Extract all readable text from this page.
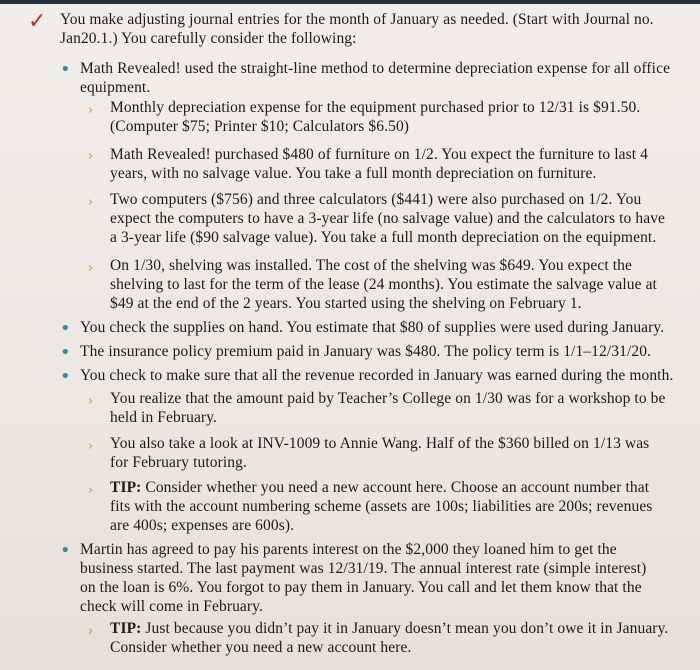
✓ You make adjusting journal entries for the month of January as needed. (Start with Journal no. Jan20.1.) You carefully consider the following:
• Math Revealed! used the straight-line method to determine depreciation expense for all office equipment.
› Monthly depreciation expense for the equipment purchased prior to 12/31 is $91.50. (Computer $75; Printer $10; Calculators $6.50)
› Math Revealed! purchased $480 of furniture on 1/2. You expect the furniture to last 4 years, with no salvage value. You take a full month depreciation on furniture.
› Two computers ($756) and three calculators ($441) were also purchased on 1/2. You expect the computers to have a 3-year life (no salvage value) and the calculators to have a 3-year life ($90 salvage value). You take a full month depreciation on the equipment.
› On 1/30, shelving was installed. The cost of the shelving was $649. You expect the shelving to last for the term of the lease (24 months). You estimate the salvage value at $49 at the end of the 2 years. You started using the shelving on February 1.
• You check the supplies on hand. You estimate that $80 of supplies were used during January.
• The insurance policy premium paid in January was $480. The policy term is 1/1–12/31/20.
• You check to make sure that all the revenue recorded in January was earned during the month.
› You realize that the amount paid by Teacher’s College on 1/30 was for a workshop to be held in February.
› You also take a look at INV-1009 to Annie Wang. Half of the $360 billed on 1/13 was for February tutoring.
› TIP: Consider whether you need a new account here. Choose an account number that fits with the account numbering scheme (assets are 100s; liabilities are 200s; revenues are 400s; expenses are 600s).
• Martin has agreed to pay his parents interest on the $2,000 they loaned him to get the business started. The last payment was 12/31/19. The annual interest rate (simple interest) on the loan is 6%. You forgot to pay them in January. You call and let them know that the check will come in February.
› TIP: Just because you didn’t pay it in January doesn’t mean you don’t owe it in January. Consider whether you need a new account here.
